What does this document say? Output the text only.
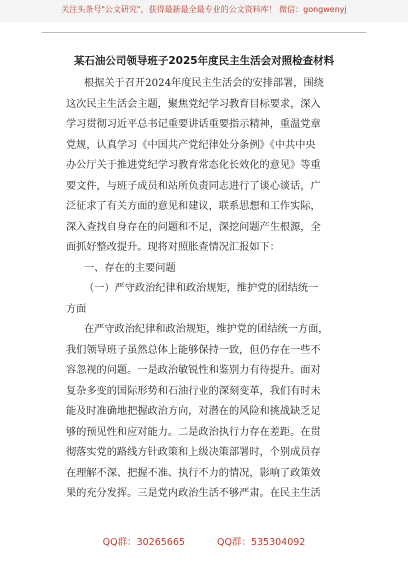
关注头条号"公文研究"，获得最新最全最专业的公文资料库！ 微信：gongwenyj
某石油公司领导班子2025年度民主生活会对照检查材料
根据关于召开2024年度民主生活会的安排部署，围绕
这次民主生活会主题，聚焦党纪学习教育目标要求，深入
学习贯彻习近平总书记重要讲话重要指示精神，重温党章
党规，认真学习《中国共产党纪律处分条例》《中共中央
办公厅关于推进党纪学习教育常态化长效化的意见》等重
要文件，与班子成员和站所负责同志进行了谈心谈话，广
泛征求了有关方面的意见和建议，联系思想和工作实际，
深入查找自身存在的问题和不足，深挖问题产生根源，全
面抓好整改提升。现将对照胀查情况汇报如下：
一、存在的主要问题
（一）严守政治纪律和政治规矩，维护党的团结统一
方面
在严守政治纪律和政治规矩，维护党的团结统一方面，
我们领导班子虽然总体上能够保持一致，但仍存在一些不
容忽视的问题。一是政治敏锐性和鉴别力有待提升。面对
复杂多变的国际形势和石油行业的深刻变革，我们有时未
能及时准确地把握政治方向，对潜在的风险和挑战缺乏足
够的预见性和应对能力。二是政治执行力存在差距。在贯
彻落实党的路线方针政策和上级决策部署时，个别成员存
在理解不深、把握不准、执行不力的情况，影响了政策效
果的充分发挥。三是党内政治生活不够严肃。在民主生活
QQ群：30265665	QQ群：535304092
